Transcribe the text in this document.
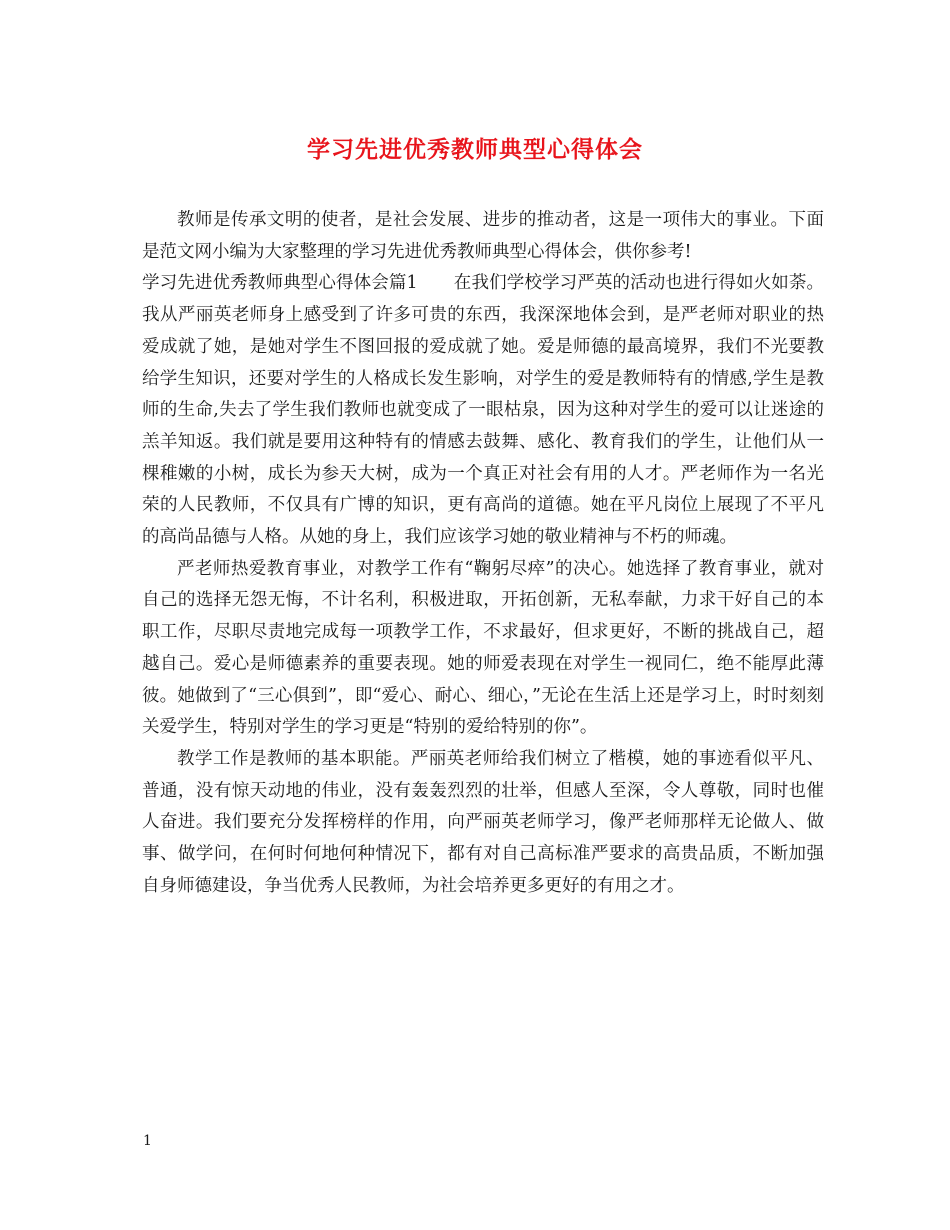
学习先进优秀教师典型心得体会

教师是传承文明的使者，是社会发展、进步的推动者，这是一项伟大的事业。下面是范文网小编为大家整理的学习先进优秀教师典型心得体会，供你参考!

学习先进优秀教师典型心得体会篇1 在我们学校学习严英的活动也进行得如火如荼。我从严丽英老师身上感受到了许多可贵的东西，我深深地体会到，是严老师对职业的热爱成就了她，是她对学生不图回报的爱成就了她。爱是师德的最高境界，我们不光要教给学生知识，还要对学生的人格成长发生影响，对学生的爱是教师特有的情感,学生是教师的生命,失去了学生我们教师也就变成了一眼枯泉，因为这种对学生的爱可以让迷途的羔羊知返。我们就是要用这种特有的情感去鼓舞、感化、教育我们的学生，让他们从一棵稚嫩的小树，成长为参天大树，成为一个真正对社会有用的人才。严老师作为一名光荣的人民教师，不仅具有广博的知识，更有高尚的道德。她在平凡岗位上展现了不平凡的高尚品德与人格。从她的身上，我们应该学习她的敬业精神与不朽的师魂。

严老师热爱教育事业，对教学工作有“鞠躬尽瘁”的决心。她选择了教育事业，就对自己的选择无怨无悔，不计名利，积极进取，开拓创新，无私奉献，力求干好自己的本职工作，尽职尽责地完成每一项教学工作，不求最好，但求更好，不断的挑战自己，超越自己。爱心是师德素养的重要表现。她的师爱表现在对学生一视同仁，绝不能厚此薄彼。她做到了“三心俱到”，即“爱心、耐心、细心，”无论在生活上还是学习上，时时刻刻关爱学生，特别对学生的学习更是“特别的爱给特别的你”。

教学工作是教师的基本职能。严丽英老师给我们树立了楷模，她的事迹看似平凡、普通，没有惊天动地的伟业，没有轰轰烈烈的壮举，但感人至深，令人尊敬，同时也催人奋进。我们要充分发挥榜样的作用，向严丽英老师学习，像严老师那样无论做人、做事、做学问，在何时何地何种情况下，都有对自己高标准严要求的高贵品质，不断加强自身师德建设，争当优秀人民教师，为社会培养更多更好的有用之才。

1
